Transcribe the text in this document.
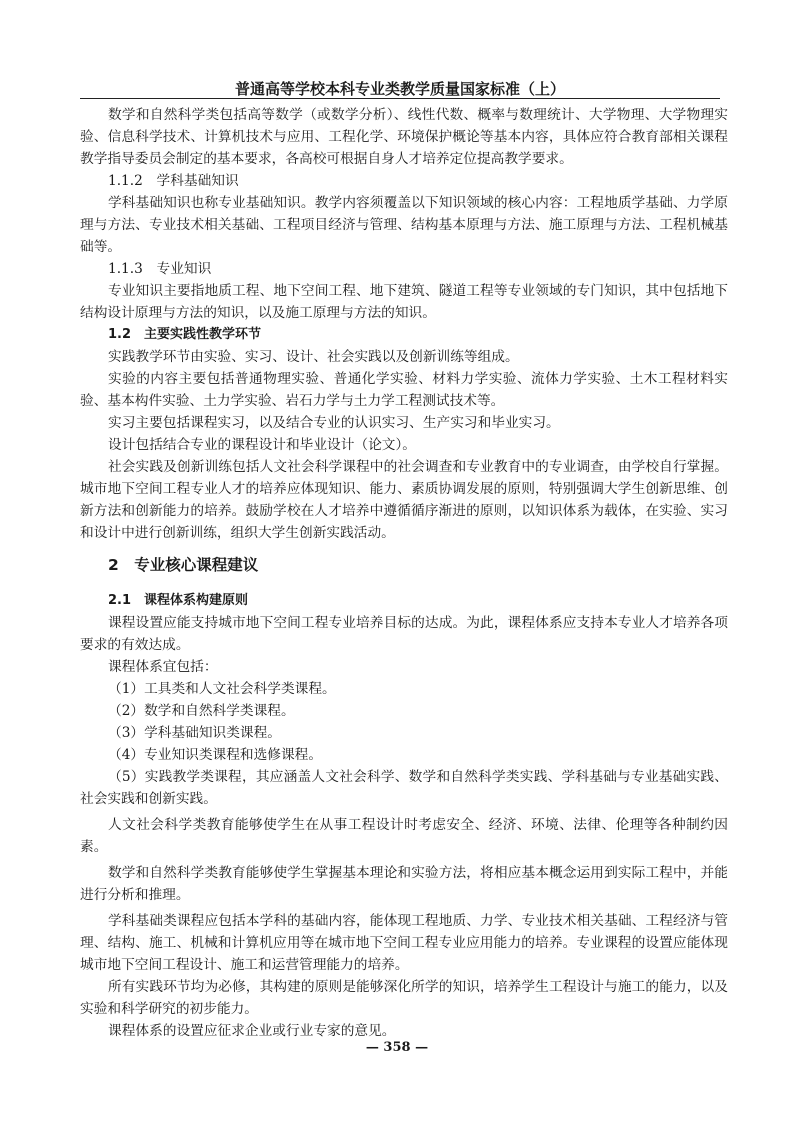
普通高等学校本科专业类教学质量国家标准（上）

数学和自然科学类包括高等数学（或数学分析）、线性代数、概率与数理统计、大学物理、大学物理实验、信息科学技术、计算机技术与应用、工程化学、环境保护概论等基本内容，具体应符合教育部相关课程教学指导委员会制定的基本要求，各高校可根据自身人才培养定位提高教学要求。

1.1.2　学科基础知识

学科基础知识也称专业基础知识。教学内容须覆盖以下知识领域的核心内容：工程地质学基础、力学原理与方法、专业技术相关基础、工程项目经济与管理、结构基本原理与方法、施工原理与方法、工程机械基础等。

1.1.3　专业知识

专业知识主要指地质工程、地下空间工程、地下建筑、隧道工程等专业领域的专门知识，其中包括地下结构设计原理与方法的知识，以及施工原理与方法的知识。

1.2　主要实践性教学环节

实践教学环节由实验、实习、设计、社会实践以及创新训练等组成。

实验的内容主要包括普通物理实验、普通化学实验、材料力学实验、流体力学实验、土木工程材料实验、基本构件实验、土力学实验、岩石力学与土力学工程测试技术等。

实习主要包括课程实习，以及结合专业的认识实习、生产实习和毕业实习。

设计包括结合专业的课程设计和毕业设计（论文）。

社会实践及创新训练包括人文社会科学课程中的社会调查和专业教育中的专业调查，由学校自行掌握。城市地下空间工程专业人才的培养应体现知识、能力、素质协调发展的原则，特别强调大学生创新思维、创新方法和创新能力的培养。鼓励学校在人才培养中遵循循序渐进的原则，以知识体系为载体，在实验、实习和设计中进行创新训练，组织大学生创新实践活动。

2　专业核心课程建议

2.1　课程体系构建原则

课程设置应能支持城市地下空间工程专业培养目标的达成。为此，课程体系应支持本专业人才培养各项要求的有效达成。

课程体系宜包括：

（1）工具类和人文社会科学类课程。

（2）数学和自然科学类课程。

（3）学科基础知识类课程。

（4）专业知识类课程和选修课程。

（5）实践教学类课程，其应涵盖人文社会科学、数学和自然科学类实践、学科基础与专业基础实践、社会实践和创新实践。

人文社会科学类教育能够使学生在从事工程设计时考虑安全、经济、环境、法律、伦理等各种制约因素。

数学和自然科学类教育能够使学生掌握基本理论和实验方法，将相应基本概念运用到实际工程中，并能进行分析和推理。

学科基础类课程应包括本学科的基础内容，能体现工程地质、力学、专业技术相关基础、工程经济与管理、结构、施工、机械和计算机应用等在城市地下空间工程专业应用能力的培养。专业课程的设置应能体现城市地下空间工程设计、施工和运营管理能力的培养。

所有实践环节均为必修，其构建的原则是能够深化所学的知识，培养学生工程设计与施工的能力，以及实验和科学研究的初步能力。

课程体系的设置应征求企业或行业专家的意见。

— 358 —
